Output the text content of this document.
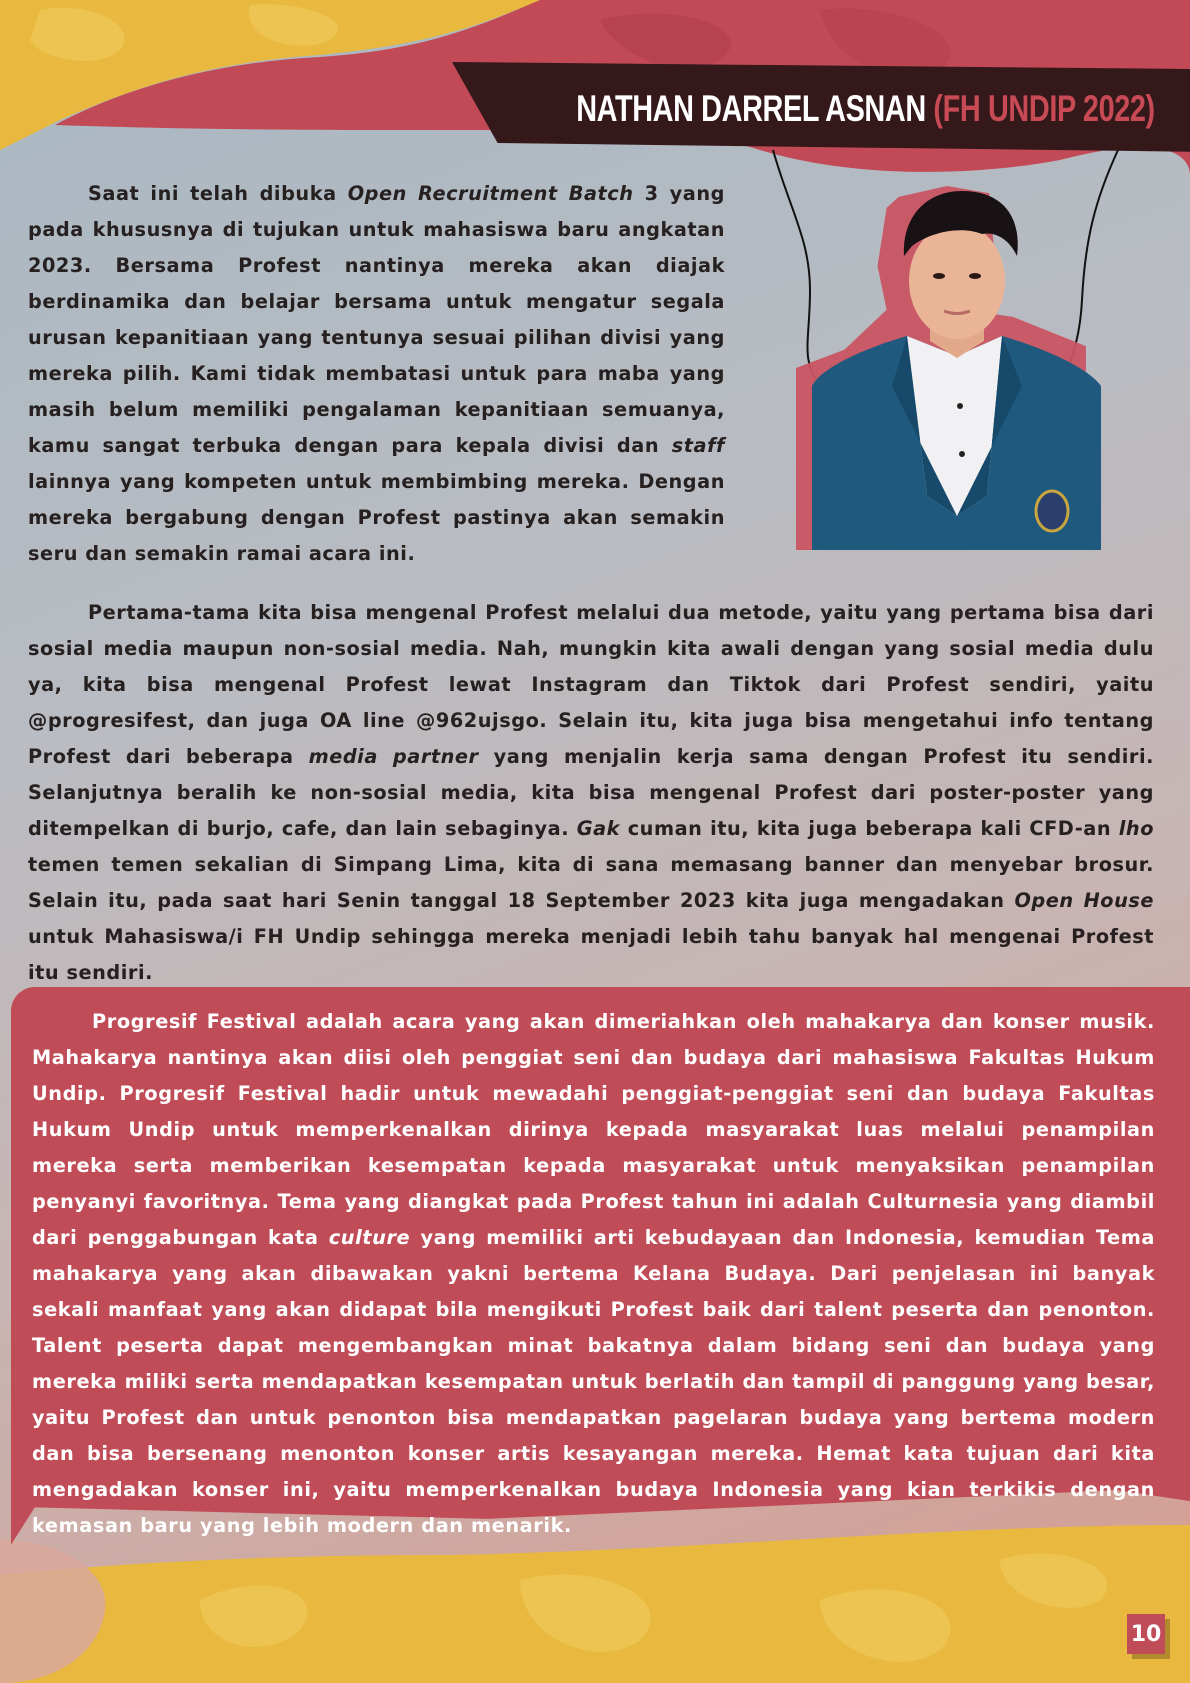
NATHAN DARREL ASNAN (FH UNDIP 2022)

Saat ini telah dibuka Open Recruitment Batch 3 yang pada khususnya di tujukan untuk mahasiswa baru angkatan 2023. Bersama Profest nantinya mereka akan diajak berdinamika dan belajar bersama untuk mengatur segala urusan kepanitiaan yang tentunya sesuai pilihan divisi yang mereka pilih. Kami tidak membatasi untuk para maba yang masih belum memiliki pengalaman kepanitiaan semuanya, kamu sangat terbuka dengan para kepala divisi dan staff lainnya yang kompeten untuk membimbing mereka. Dengan mereka bergabung dengan Profest pastinya akan semakin seru dan semakin ramai acara ini.

Pertama-tama kita bisa mengenal Profest melalui dua metode, yaitu yang pertama bisa dari sosial media maupun non-sosial media. Nah, mungkin kita awali dengan yang sosial media dulu ya, kita bisa mengenal Profest lewat Instagram dan Tiktok dari Profest sendiri, yaitu @progresifest, dan juga OA line @962ujsgo. Selain itu, kita juga bisa mengetahui info tentang Profest dari beberapa media partner yang menjalin kerja sama dengan Profest itu sendiri. Selanjutnya beralih ke non-sosial media, kita bisa mengenal Profest dari poster-poster yang ditempelkan di burjo, cafe, dan lain sebaginya. Gak cuman itu, kita juga beberapa kali CFD-an lho temen temen sekalian di Simpang Lima, kita di sana memasang banner dan menyebar brosur. Selain itu, pada saat hari Senin tanggal 18 September 2023 kita juga mengadakan Open House untuk Mahasiswa/i FH Undip sehingga mereka menjadi lebih tahu banyak hal mengenai Profest itu sendiri.

Progresif Festival adalah acara yang akan dimeriahkan oleh mahakarya dan konser musik. Mahakarya nantinya akan diisi oleh penggiat seni dan budaya dari mahasiswa Fakultas Hukum Undip. Progresif Festival hadir untuk mewadahi penggiat-penggiat seni dan budaya Fakultas Hukum Undip untuk memperkenalkan dirinya kepada masyarakat luas melalui penampilan mereka serta memberikan kesempatan kepada masyarakat untuk menyaksikan penampilan penyanyi favoritnya. Tema yang diangkat pada Profest tahun ini adalah Culturnesia yang diambil dari penggabungan kata culture yang memiliki arti kebudayaan dan Indonesia, kemudian Tema mahakarya yang akan dibawakan yakni bertema Kelana Budaya. Dari penjelasan ini banyak sekali manfaat yang akan didapat bila mengikuti Profest baik dari talent peserta dan penonton. Talent peserta dapat mengembangkan minat bakatnya dalam bidang seni dan budaya yang mereka miliki serta mendapatkan kesempatan untuk berlatih dan tampil di panggung yang besar, yaitu Profest dan untuk penonton bisa mendapatkan pagelaran budaya yang bertema modern dan bisa bersenang menonton konser artis kesayangan mereka. Hemat kata tujuan dari kita mengadakan konser ini, yaitu memperkenalkan budaya Indonesia yang kian terkikis dengan kemasan baru yang lebih modern dan menarik.

10
